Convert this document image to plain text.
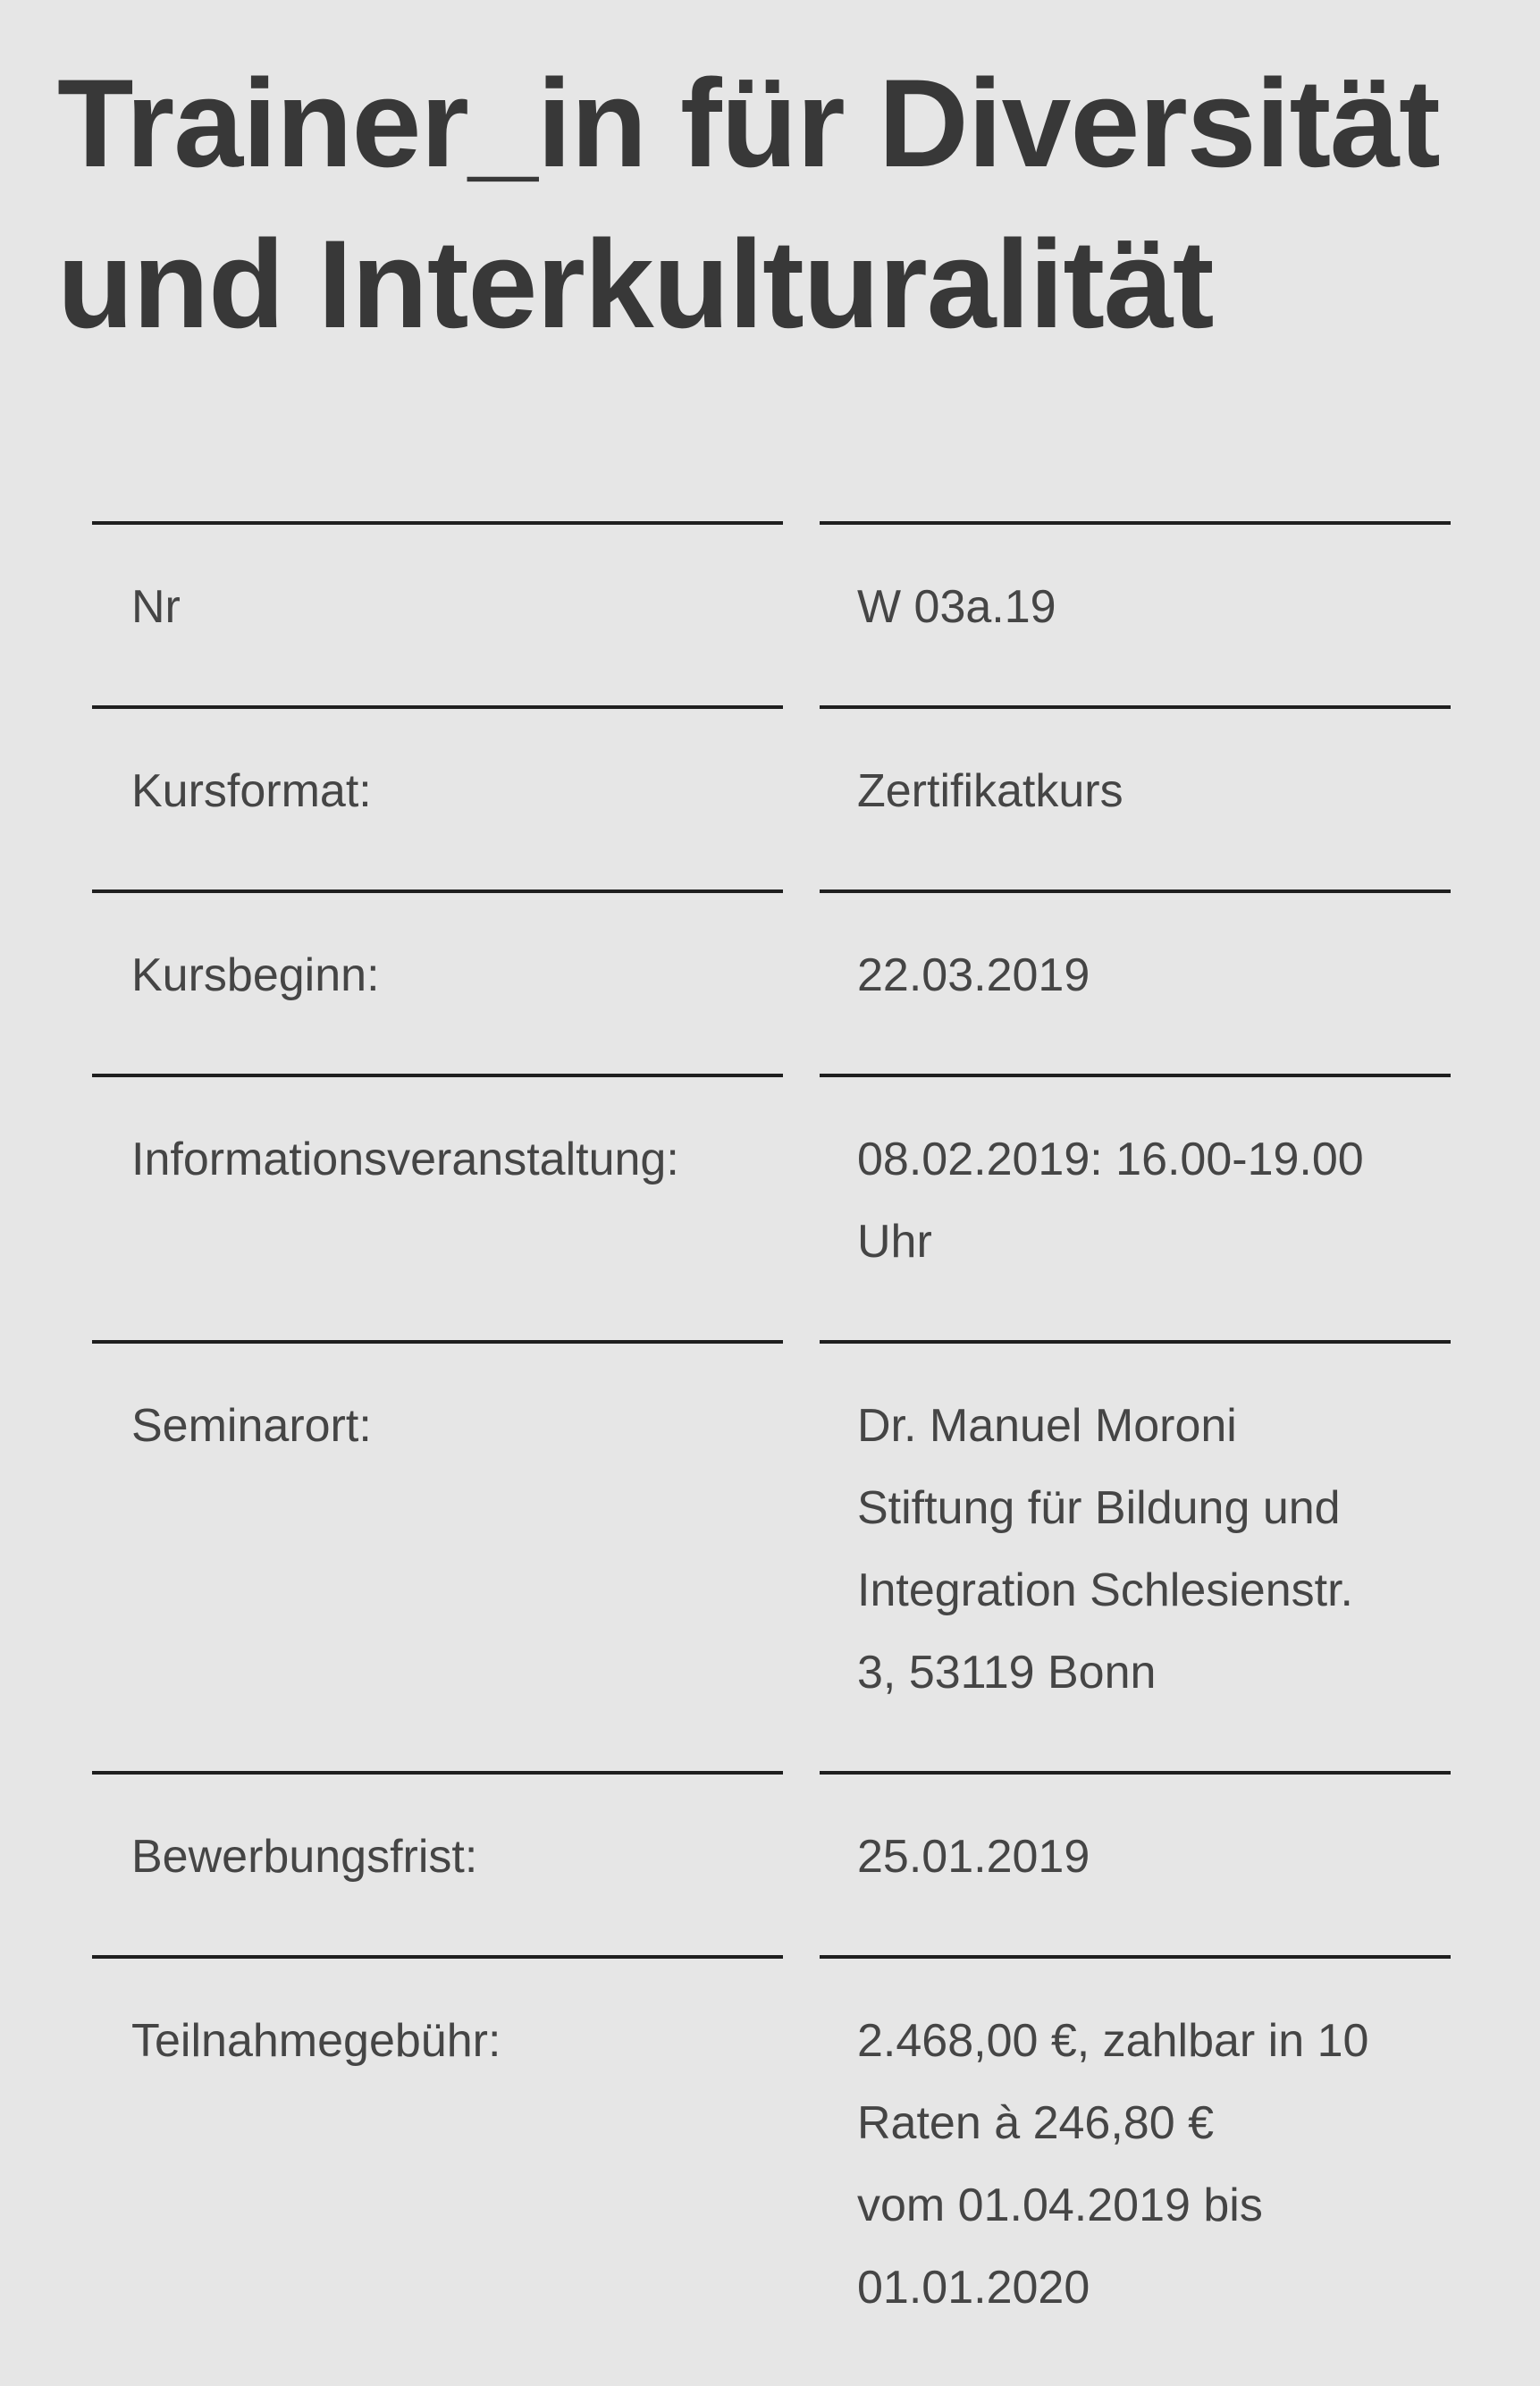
Trainer_in für Diversität
und Interkulturalität
Nr	W 03a.19
Kursformat:	Zertifikatkurs
Kursbeginn:	22.03.2019
Informationsveranstaltung:	08.02.2019: 16.00-19.00
Uhr
Seminarort:	Dr. Manuel Moroni
Stiftung für Bildung und
Integration Schlesienstr.
3, 53119 Bonn
Bewerbungsfrist:	25.01.2019
Teilnahmegebühr:	2.468,00 €, zahlbar in 10
Raten à 246,80 €
vom 01.04.2019 bis
01.01.2020
